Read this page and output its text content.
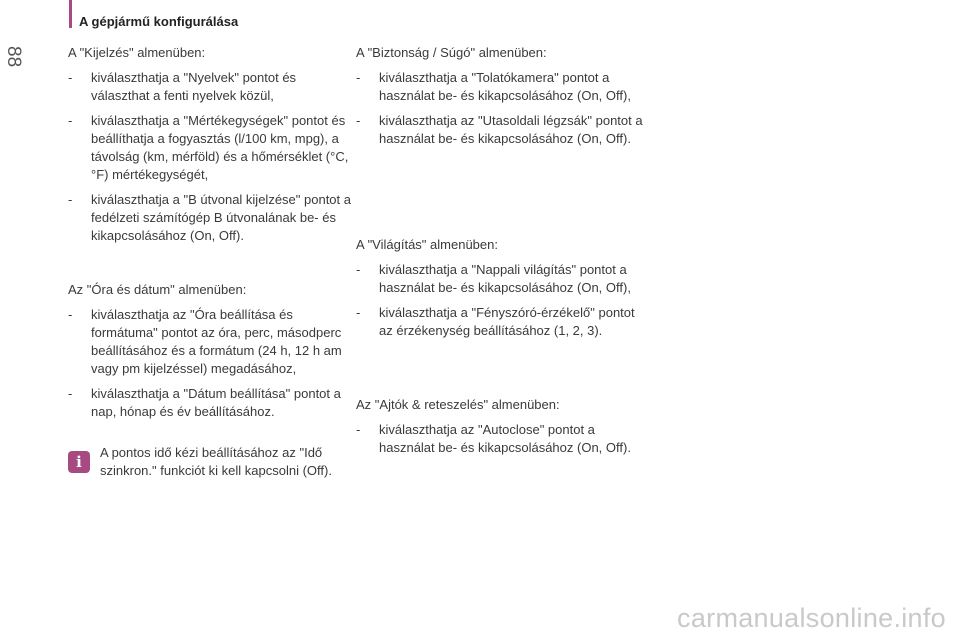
A gépjármű konfigurálása
88	A "Kijelzés" almenüben:

- kiválaszthatja a "Nyelvek" pontot és választhat a fenti nyelvek közül,
- kiválaszthatja a "Mértékegységek" pontot és beállíthatja a fogyasztás (l/100 km, mpg), a távolság (km, mérföld) és a hőmérséklet (°C, °F) mértékegységét,
- kiválaszthatja a "B útvonal kijelzése" pontot a fedélzeti számítógép B útvonalának be- és kikapcsolásához (On, Off).

Az "Óra és dátum" almenüben:

- kiválaszthatja az "Óra beállítása és formátuma" pontot az óra, perc, másodperc beállításához és a formátum (24 h, 12 h am vagy pm kijelzéssel) megadásához,
- kiválaszthatja a "Dátum beállítása" pontot a nap, hónap és év beállításához.
i
A pontos idő kézi beállításához az "Idő szinkron." funkciót ki kell kapcsolni (Off).

A "Biztonság / Súgó" almenüben:

- kiválaszthatja a "Tolatókamera" pontot a használat be- és kikapcsolásához (On, Off),
- kiválaszthatja az "Utasoldali légzsák" pontot a használat be- és kikapcsolásához (On, Off).

A "Világítás" almenüben:

- kiválaszthatja a "Nappali világítás" pontot a használat be- és kikapcsolásához (On, Off),
- kiválaszthatja a "Fényszóró-érzékelő" pontot az érzékenység beállításához (1, 2, 3).

Az "Ajtók & reteszelés" almenüben:

- kiválaszthatja az "Autoclose" pontot a használat be- és kikapcsolásához (On, Off).
carmanualsonline.info
